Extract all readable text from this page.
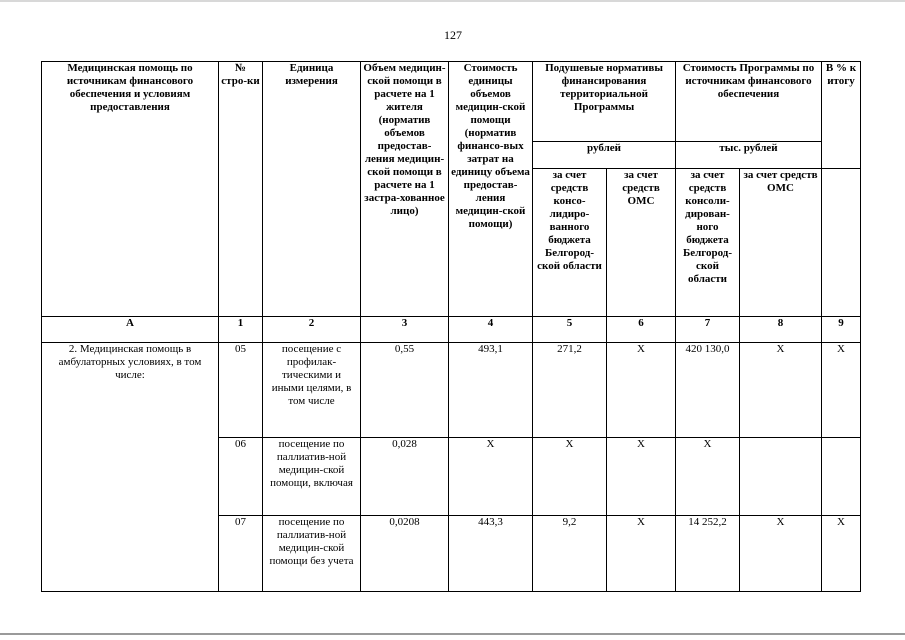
127
Медицинская помощь по источникам финансового обеспечения и условиям предоставления	№ стро-ки	Единица измерения	Объем медицин-ской помощи в расчете на 1 жителя (норматив объемов предостав-ления медицин-ской помощи в расчете на 1 застра-хованное лицо)	Стоимость единицы объемов медицин-ской помощи (норматив финансо-вых затрат на единицу объема предостав-ления медицин-ской помощи)	Подушевые нормативы финансирования территориальной Программы		Стоимость Программы по источникам финансового обеспечения		В % к итогу
					рублей		тыс. рублей		
					за счет средств консо-лидиро-ванного бюджета Белгород-ской области	за счет средств ОМС	за счет средств консоли-дирован-ного бюджета Белгород-ской области	за счет средств ОМС	
А	1	2	3	4	5	6	7	8	9
2. Медицинская помощь в амбулаторных условиях, в том числе:	05	посещение с профилак-тическими и иными целями, в том числе	0,55	493,1	271,2	Х	420 130,0	Х	Х
	06	посещение по паллиатив-ной медицин-ской помощи, включая	0,028	Х	Х	Х	Х		
	07	посещение по паллиатив-ной медицин-ской помощи без учета	0,0208	443,3	9,2	Х	14 252,2	Х	Х
